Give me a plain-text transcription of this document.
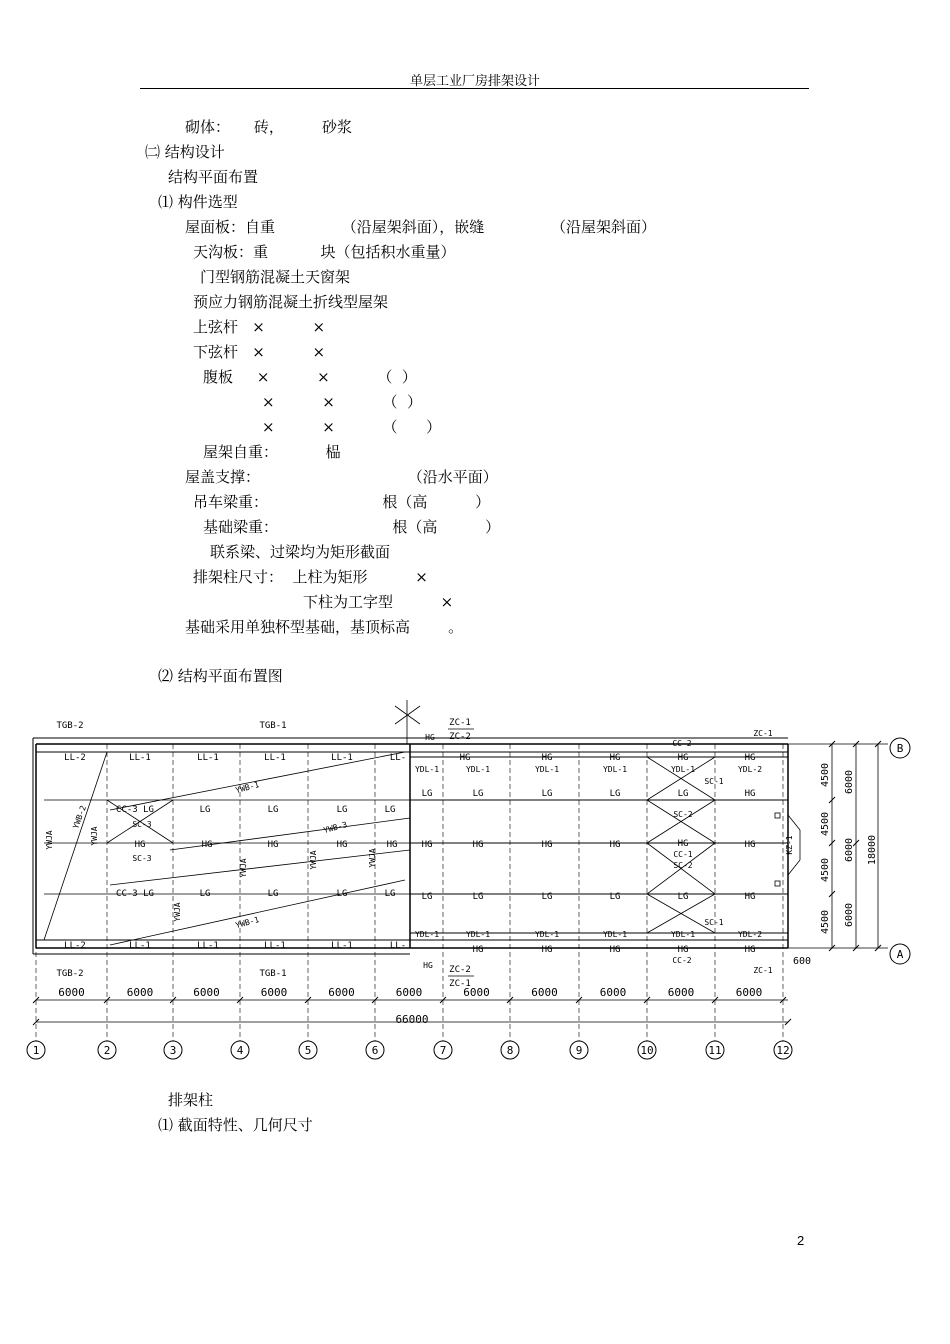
单层工业厂房排架设计
砌体：     砖，        砂浆
㈡ 结构设计
结构平面布置
⑴ 构件选型
屋面板：自重              （沿屋架斜面），嵌缝              （沿屋架斜面）
天沟板：重           块（包括积水重量）
门型钢筋混凝土天窗架
预应力钢筋混凝土折线型屋架
上弦杆   ×          ×
下弦杆   ×          ×
腹板     ×          ×          （  ）
×          ×          （  ）
×          ×          （      ）
屋架自重：          榀
屋盖支撑：                               （沿水平面）
吊车梁重：                        根（高          ）
基础梁重：                        根（高          ）
联系梁、过梁均为矩形截面
排架柱尺寸：  上柱为矩形          ×
下柱为工字型          ×
基础采用单独杯型基础，基顶标高        。
⑵ 结构平面布置图
排架柱
⑴ 截面特性、几何尺寸
KZ-1
TGB-2	TGB-1
TGB-2	TGB-1
LL-2
LL-2
LL-1
LL-1
LL-1
LL-1
LL-1
LL-1
LL-1
LL-1
LL-
LL-
CC-3 LG	LG	LG	LG	LG
HG	HG	HG	HG	HG
CC-3 LG	LG	LG	LG	LG
SC-3
SC-3
YWJA	YWJA
YWB-2
YWB-1
YWB-1
YWB-3
YWJA
YWJA	YWJA	YWJA
HG
ZC-1
ZC-2
HG	HG	HG	HG	HG
CC-2
ZC-1
YDL-1	YDL-1	YDL-1	YDL-1	YDL-1	YDL-2
SC-1
LG	LG	LG	LG	LG	HG
SC-2
HG	HG	HG	HG	HG
HG
CC-1
SC-2
LG	LG	LG	LG	LG	HG
SC-1
YDL-1	YDL-1	YDL-1	YDL-1	YDL-1	YDL-2
HG	HG	HG	HG	HG
CC-2
HG ZC-2
ZC-1
ZC-1
600
6000	6000	6000	6000	6000	6000	6000	6000	6000	6000	6000
66000
1	2	3	4	5	6	7	8	9	10	11	12
B
A
4500
4500
4500
4500
6000
6000
6000
18000
2
